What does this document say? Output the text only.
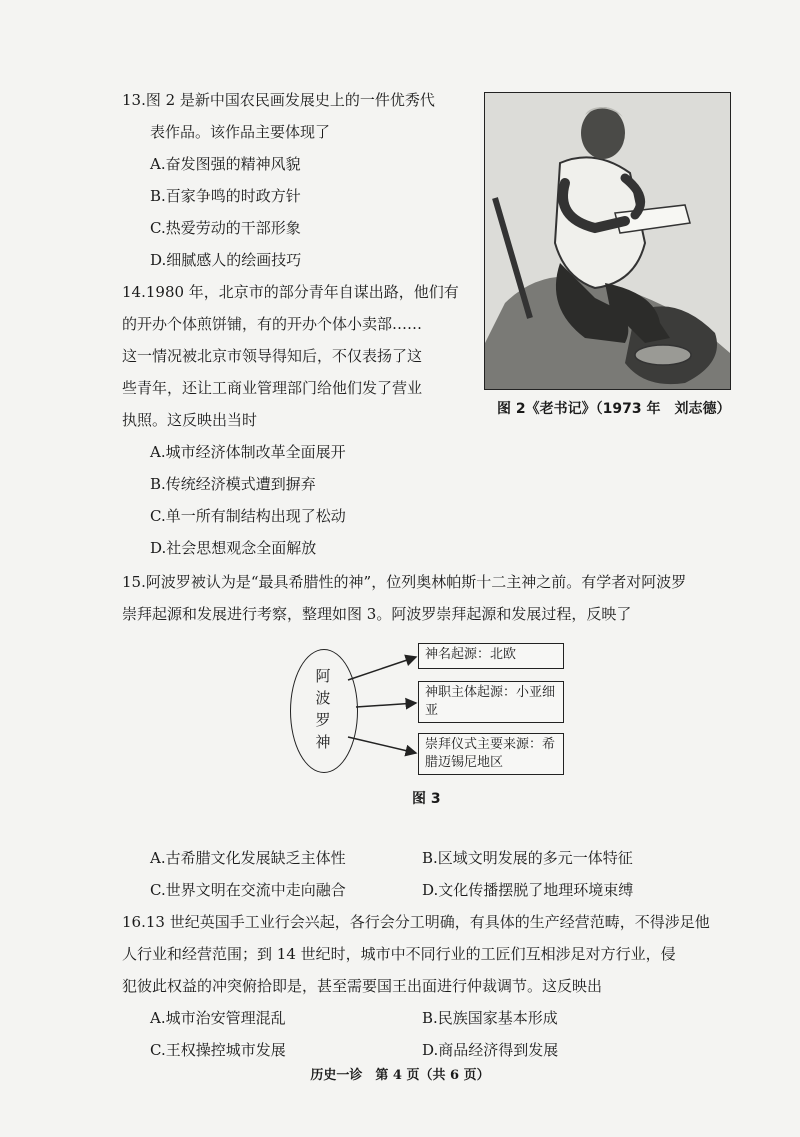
13.图 2 是新中国农民画发展史上的一件优秀代
表作品。该作品主要体现了
A.奋发图强的精神风貌
B.百家争鸣的时政方针
C.热爱劳动的干部形象
D.细腻感人的绘画技巧
图 2《老书记》（1973 年　刘志德）
14.1980 年，北京市的部分青年自谋出路，他们有
的开办个体煎饼铺，有的开办个体小卖部……
这一情况被北京市领导得知后，不仅表扬了这
些青年，还让工商业管理部门给他们发了营业
执照。这反映出当时
A.城市经济体制改革全面展开
B.传统经济模式遭到摒弃
C.单一所有制结构出现了松动
D.社会思想观念全面解放
15.阿波罗被认为是“最具希腊性的神”，位列奥林帕斯十二主神之前。有学者对阿波罗
崇拜起源和发展进行考察，整理如图 3。阿波罗崇拜起源和发展过程，反映了
阿波罗神
神名起源：北欧
神职主体起源：小亚细亚
崇拜仪式主要来源：希腊迈锡尼地区
图 3
A.古希腊文化发展缺乏主体性	B.区域文明发展的多元一体特征
C.世界文明在交流中走向融合	D.文化传播摆脱了地理环境束缚
16.13 世纪英国手工业行会兴起，各行会分工明确，有具体的生产经营范畴，不得涉足他
人行业和经营范围；到 14 世纪时，城市中不同行业的工匠们互相涉足对方行业，侵
犯彼此权益的冲突俯拾即是，甚至需要国王出面进行仲裁调节。这反映出
A.城市治安管理混乱	B.民族国家基本形成
C.王权操控城市发展	D.商品经济得到发展
历史一诊　第 4 页（共 6 页）
